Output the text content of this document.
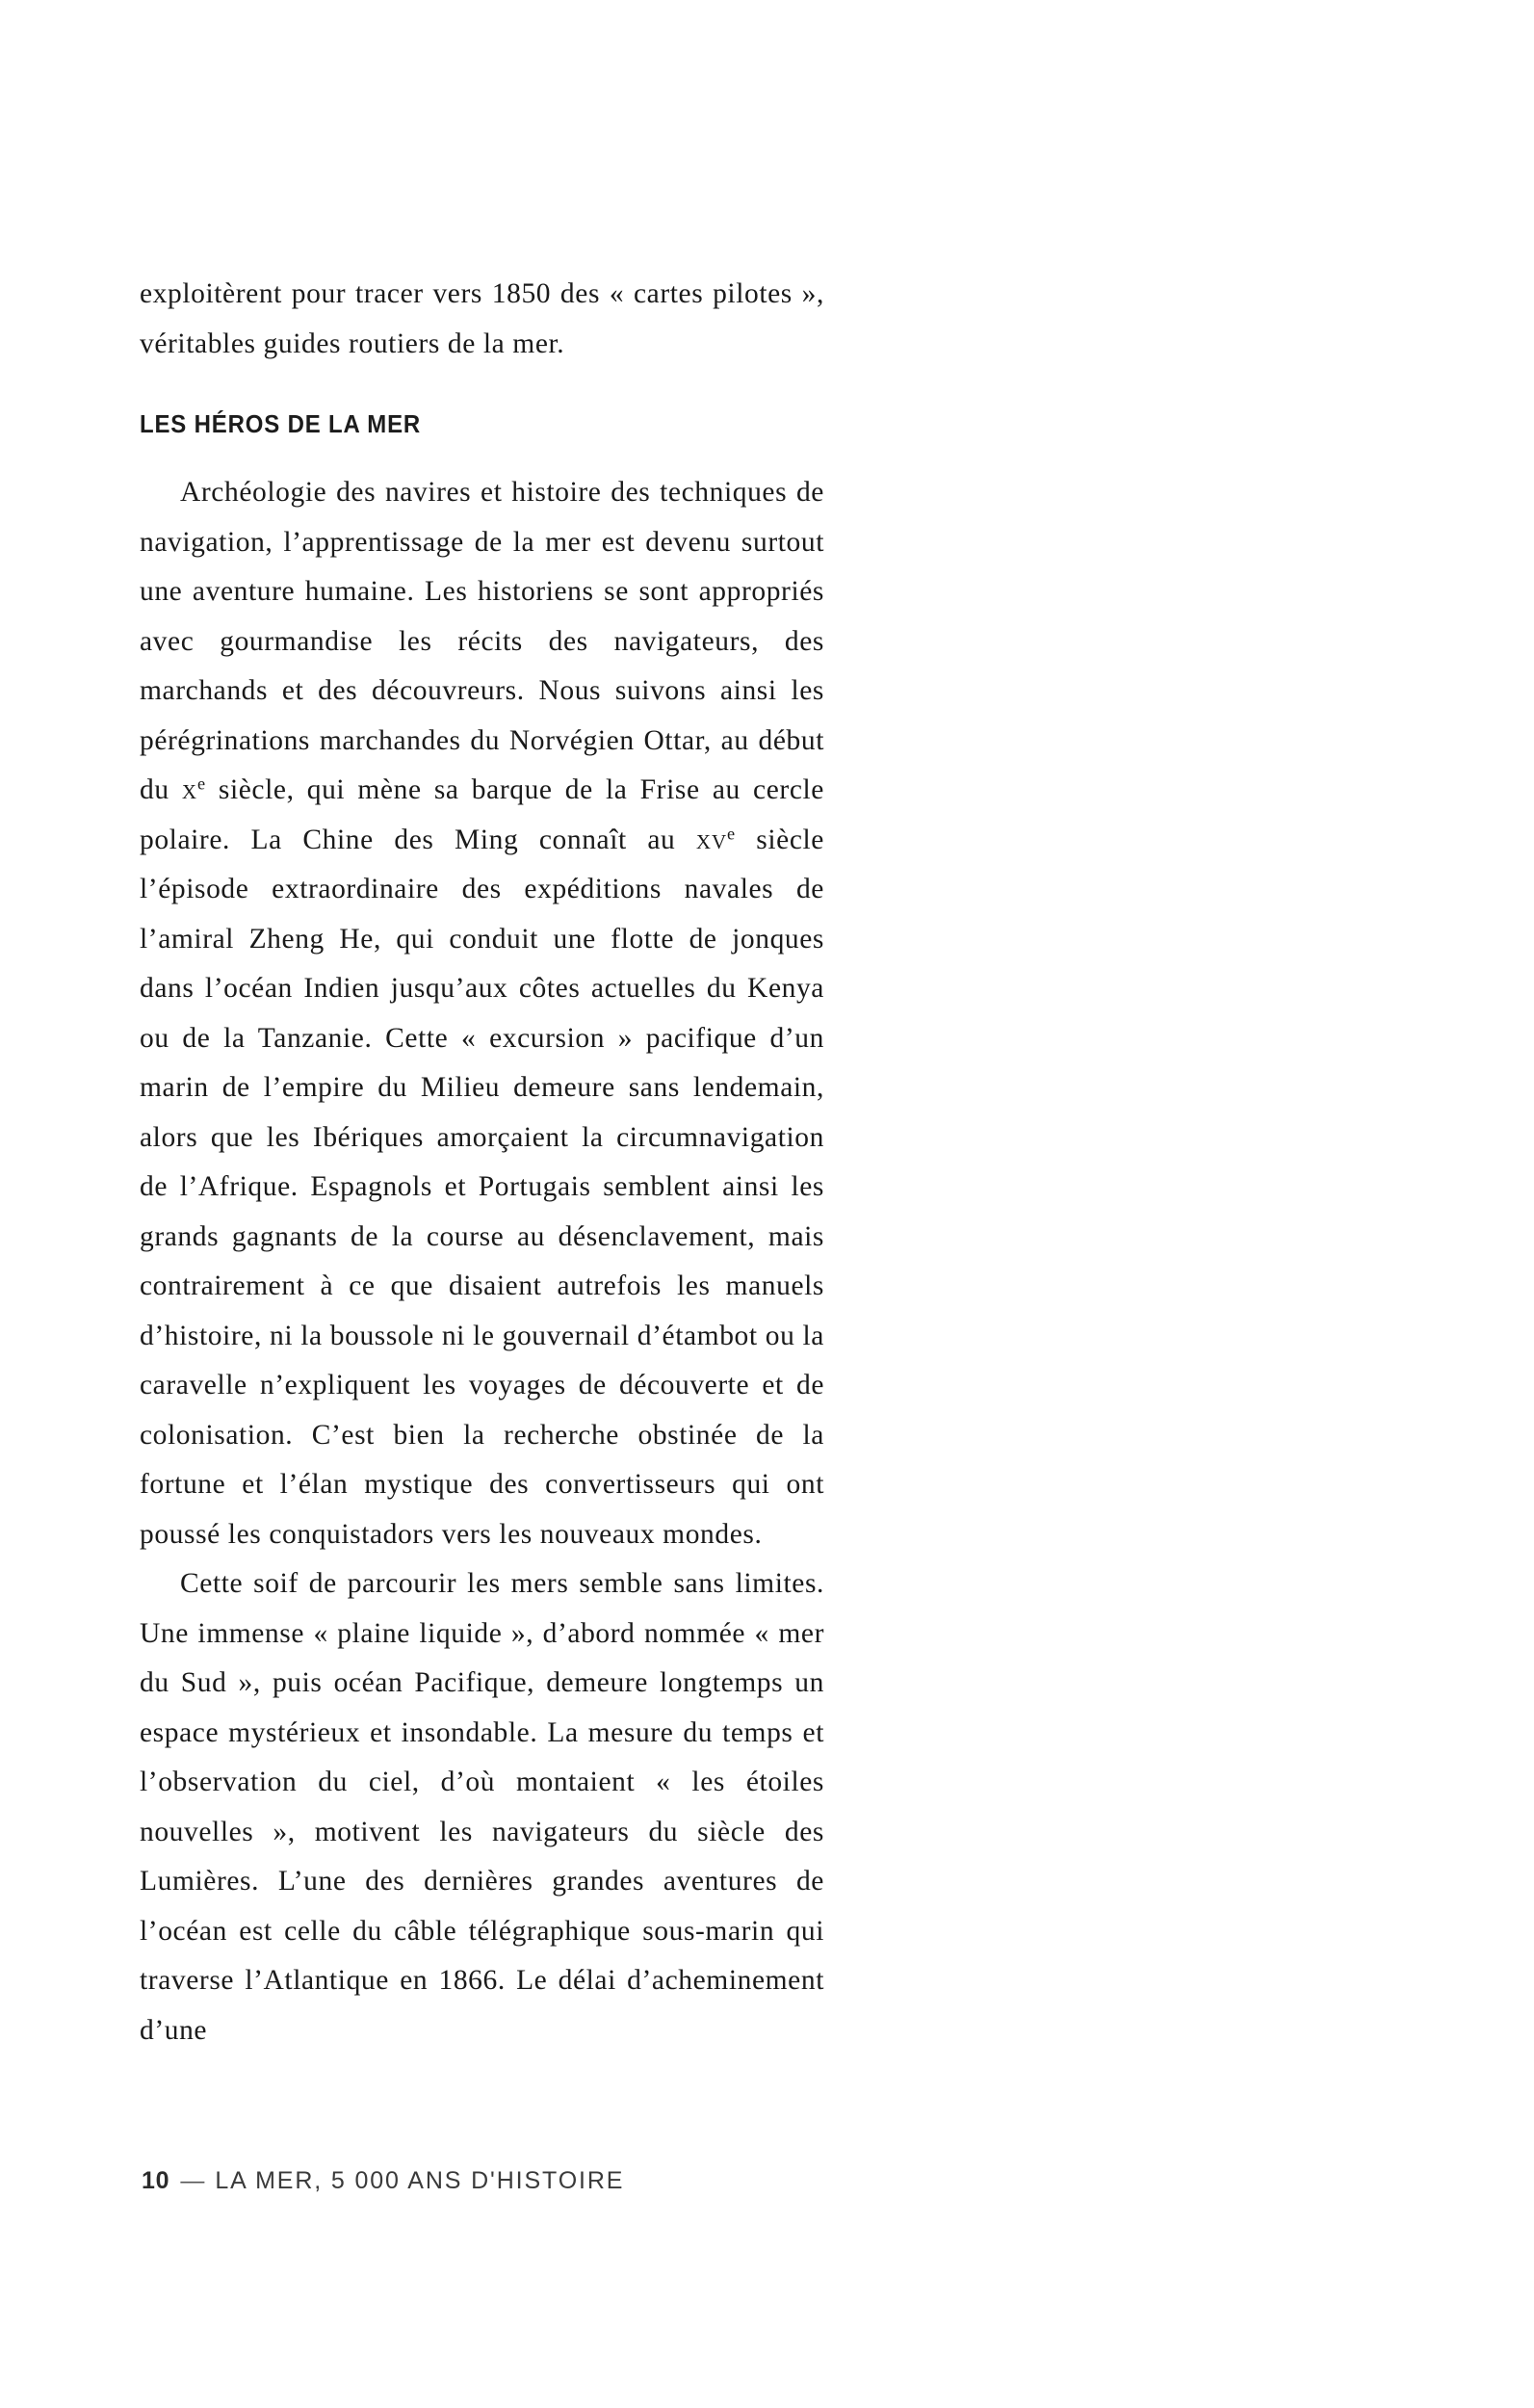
exploitèrent pour tracer vers 1850 des « cartes pilotes », véritables guides routiers de la mer.

LES HÉROS DE LA MER

Archéologie des navires et histoire des techniques de navigation, l’apprentissage de la mer est devenu surtout une aventure humaine. Les historiens se sont appropriés avec gourmandise les récits des navigateurs, des marchands et des découvreurs. Nous suivons ainsi les pérégrinations marchandes du Norvégien Ottar, au début du $x^e$ siècle, qui mène sa barque de la Frise au cercle polaire. La Chine des Ming connaît au $xv^e$ siècle l’épisode extraordinaire des expéditions navales de l’amiral Zheng He, qui conduit une flotte de jonques dans l’océan Indien jusqu’aux côtes actuelles du Kenya ou de la Tanzanie. Cette « excursion » pacifique d’un marin de l’empire du Milieu demeure sans lendemain, alors que les Ibériques amorçaient la circumnavigation de l’Afrique. Espagnols et Portugais semblent ainsi les grands gagnants de la course au désenclavement, mais contrairement à ce que disaient autrefois les manuels d’histoire, ni la boussole ni le gouvernail d’étambot ou la caravelle n’expliquent les voyages de découverte et de colonisation. C’est bien la recherche obstinée de la fortune et l’élan mystique des convertisseurs qui ont poussé les conquistadors vers les nouveaux mondes.

Cette soif de parcourir les mers semble sans limites. Une immense « plaine liquide », d’abord nommée « mer du Sud », puis océan Pacifique, demeure longtemps un espace mystérieux et insondable. La mesure du temps et l’observation du ciel, d’où montaient « les étoiles nouvelles », motivent les navigateurs du siècle des Lumières. L’une des dernières grandes aventures de l’océan est celle du câble télégraphique sous-marin qui traverse l’Atlantique en 1866. Le délai d’acheminement d’une

10 — LA MER, 5 000 ANS D'HISTOIRE
